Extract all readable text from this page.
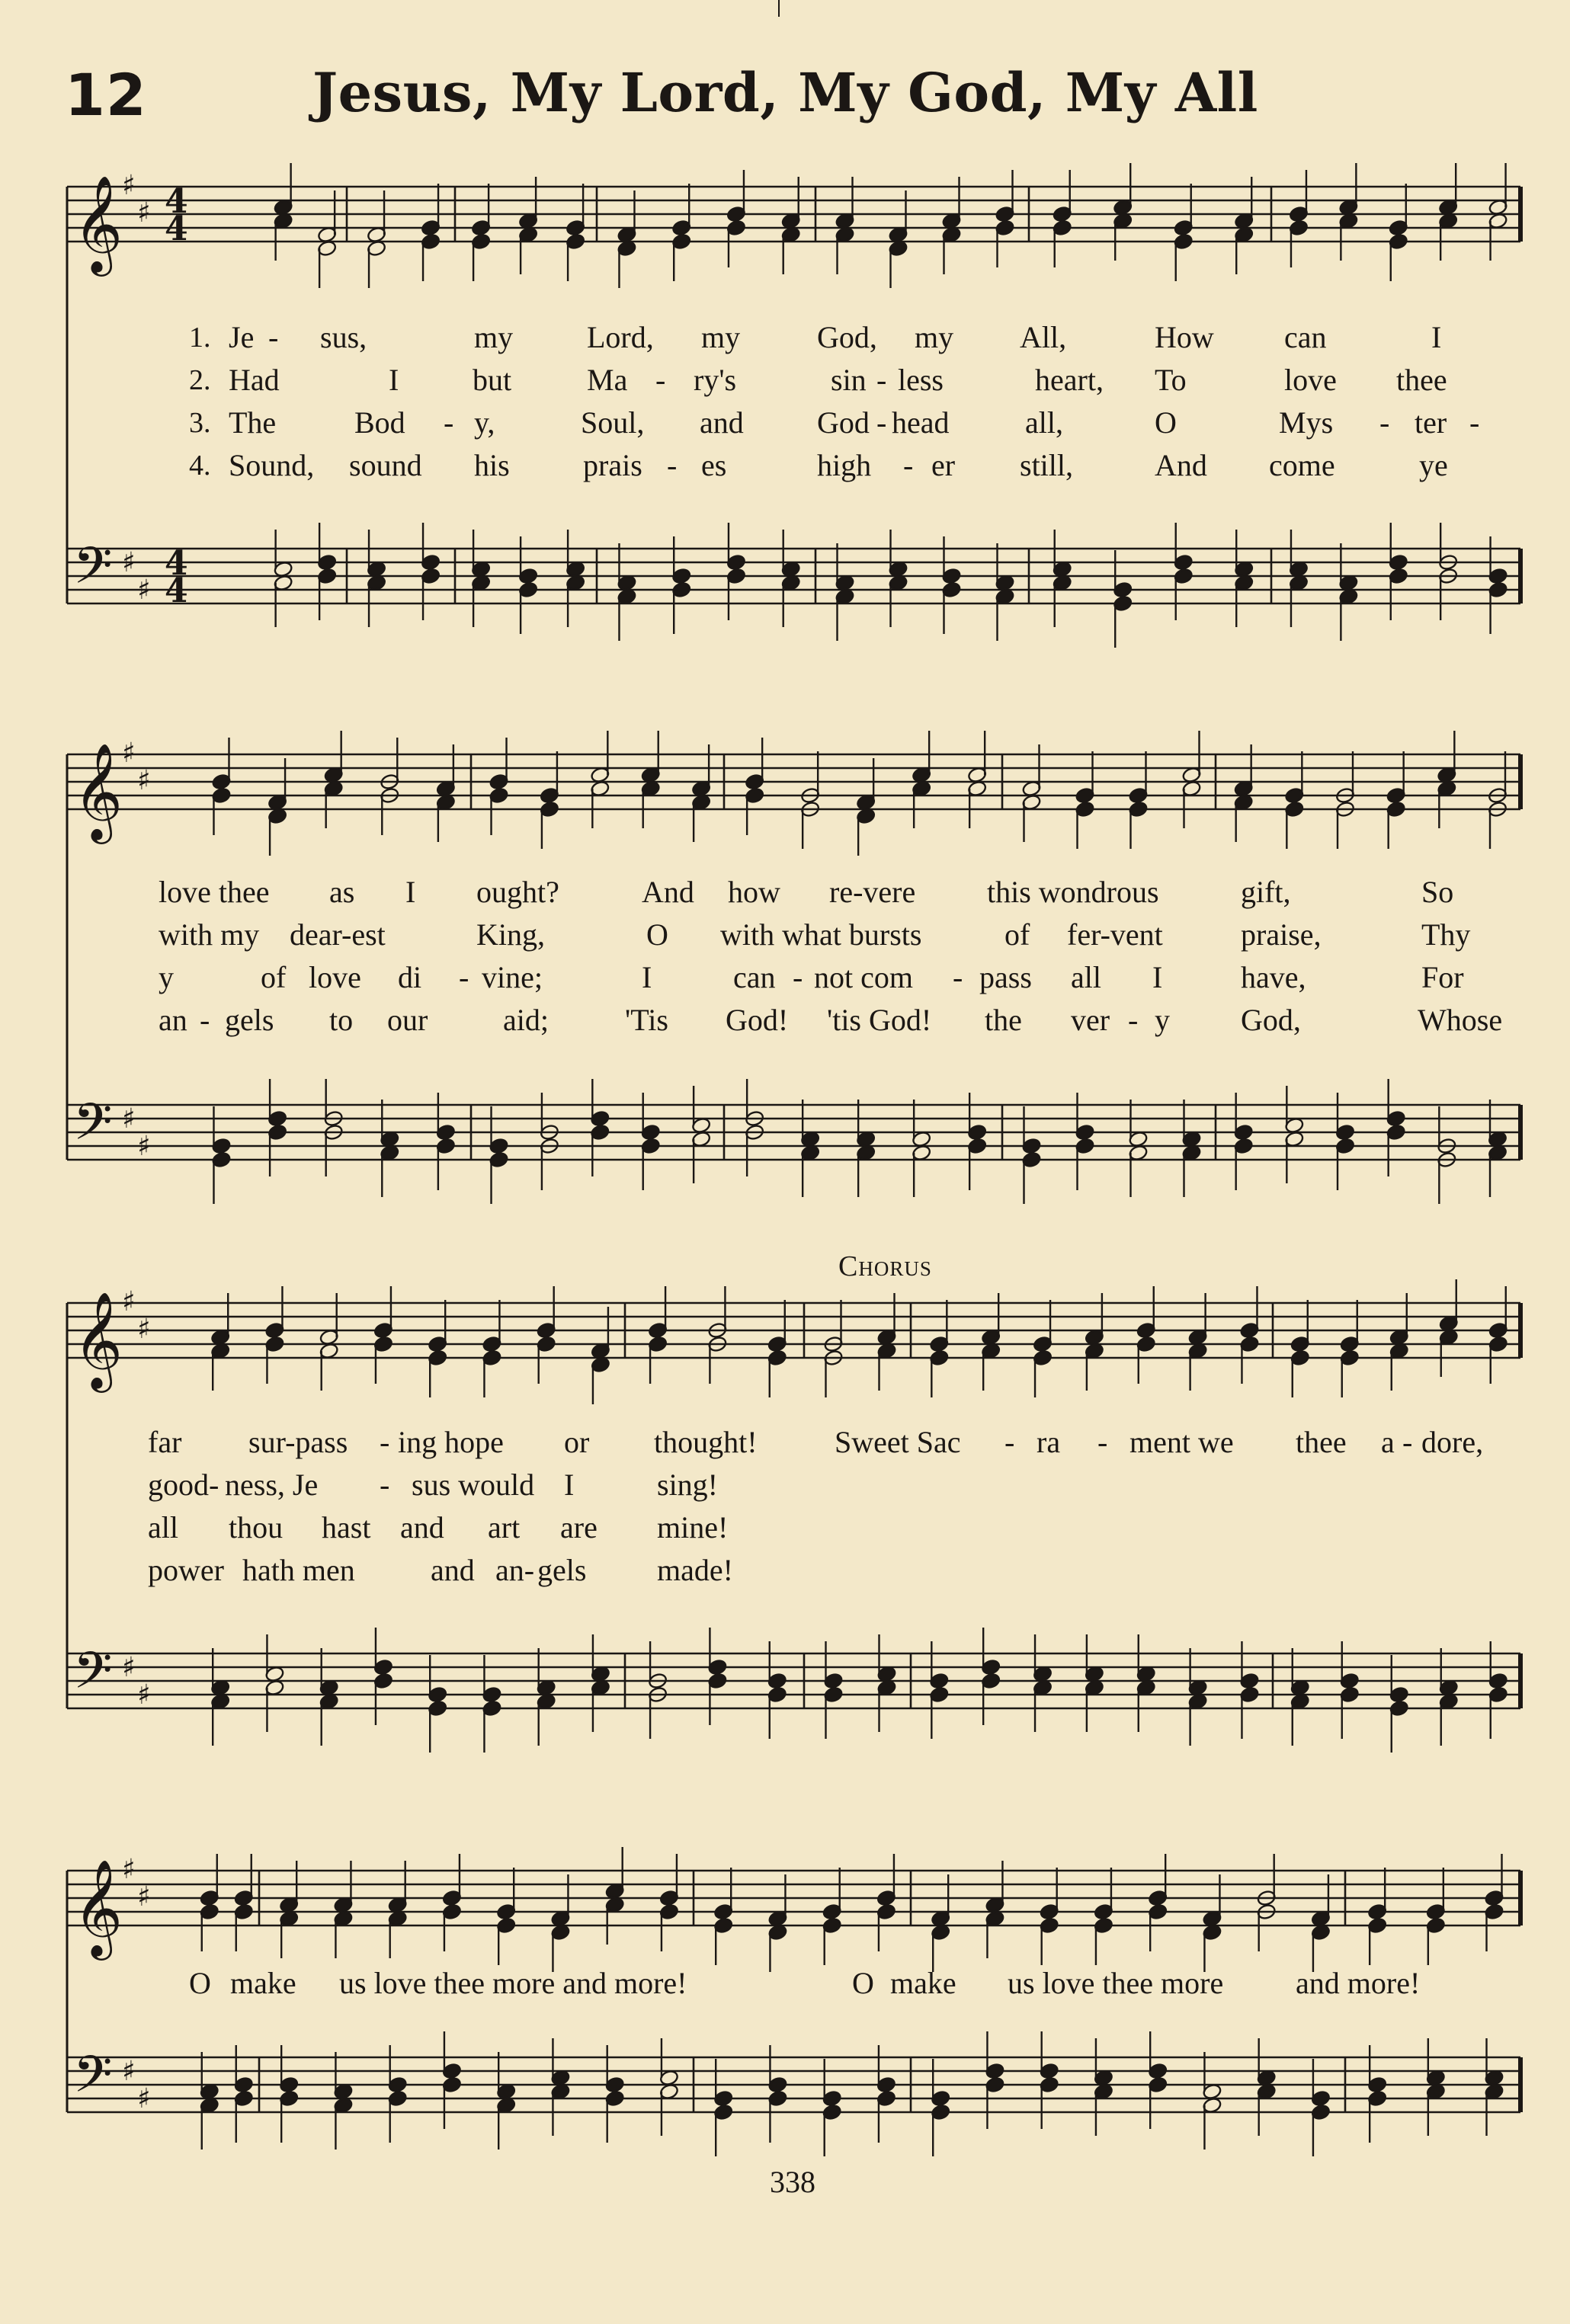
12	Jesus, My Lord, My God, My All
𝄞
♯
♯ 4
4
𝄢 ♯
♯
4
4
𝄞
♯
♯
𝄢 ♯
♯
𝄞
♯
♯
𝄢 ♯
♯
𝄞
♯
♯
𝄢 ♯
♯
1. Je - sus,	my Lord, my	God, my All,	How can	I
2. Had	I but Ma - ry's	sin - less	heart, To	love thee
3. The	Bod - y,	Soul, and God - head all,	O	Mys - ter -
4. Sound, sound his prais - es	high - er still,	And come	ye
love thee as I ought?	And how re-vere this wondrous	gift,	So
with my dear-est	King,	O with what bursts	of fer-vent	praise,	Thy
y	of love di - vine;	I	can - not com - pass all I	have,	For
an - gels to our aid;	'Tis God! 'tis God! the ver - y God,	Whose
Chorus
far sur-pass - ing hope or thought!	Sweet Sac - ra - ment we thee a - dore,
good- ness, Je - sus would I	sing!
all thou hast and art are mine!
power hath men and an- gels made!
O make us love thee more and more!	O make us love thee more and more!
338
